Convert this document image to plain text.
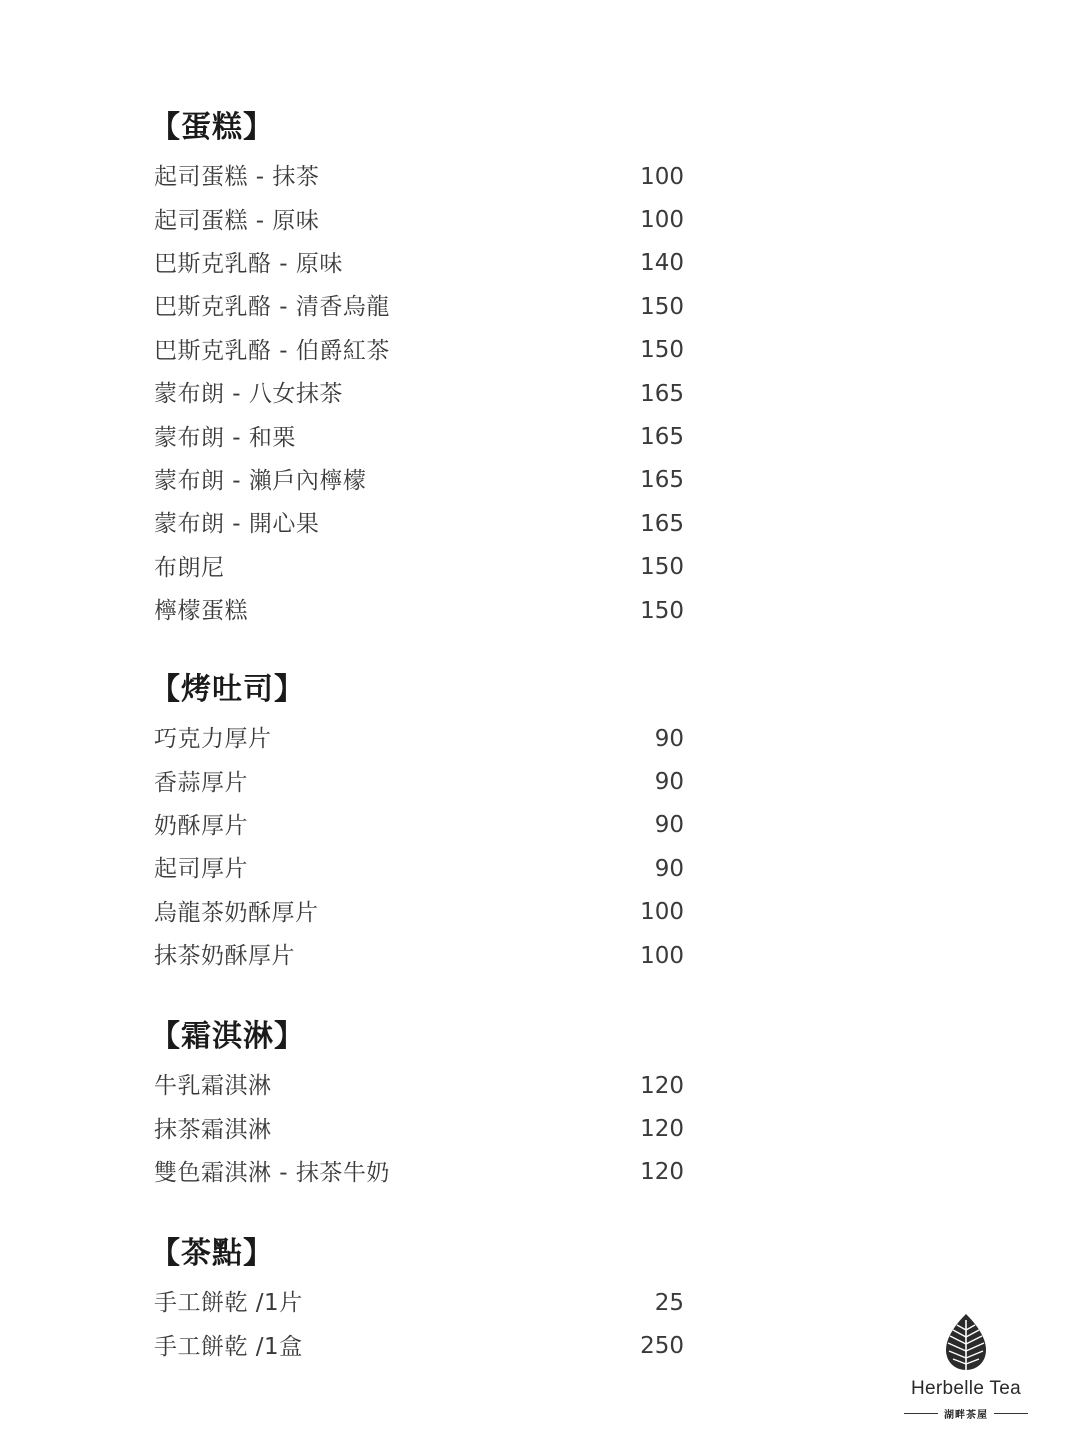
【蛋糕】
起司蛋糕 - 抹茶	100
起司蛋糕 - 原味	100
巴斯克乳酪 - 原味	140
巴斯克乳酪 - 清香烏龍	150
巴斯克乳酪 - 伯爵紅茶	150
蒙布朗 - 八女抹茶	165
蒙布朗 - 和栗	165
蒙布朗 - 瀨戶內檸檬	165
蒙布朗 - 開心果	165
布朗尼	150
檸檬蛋糕	150
【烤吐司】
巧克力厚片	90
香蒜厚片	90
奶酥厚片	90
起司厚片	90
烏龍茶奶酥厚片	100
抹茶奶酥厚片	100
【霜淇淋】
牛乳霜淇淋	120
抹茶霜淇淋	120
雙色霜淇淋 - 抹茶牛奶	120
【茶點】
手工餅乾 /1片	25
手工餅乾 /1盒	250
Herbelle Tea
湖畔茶屋
